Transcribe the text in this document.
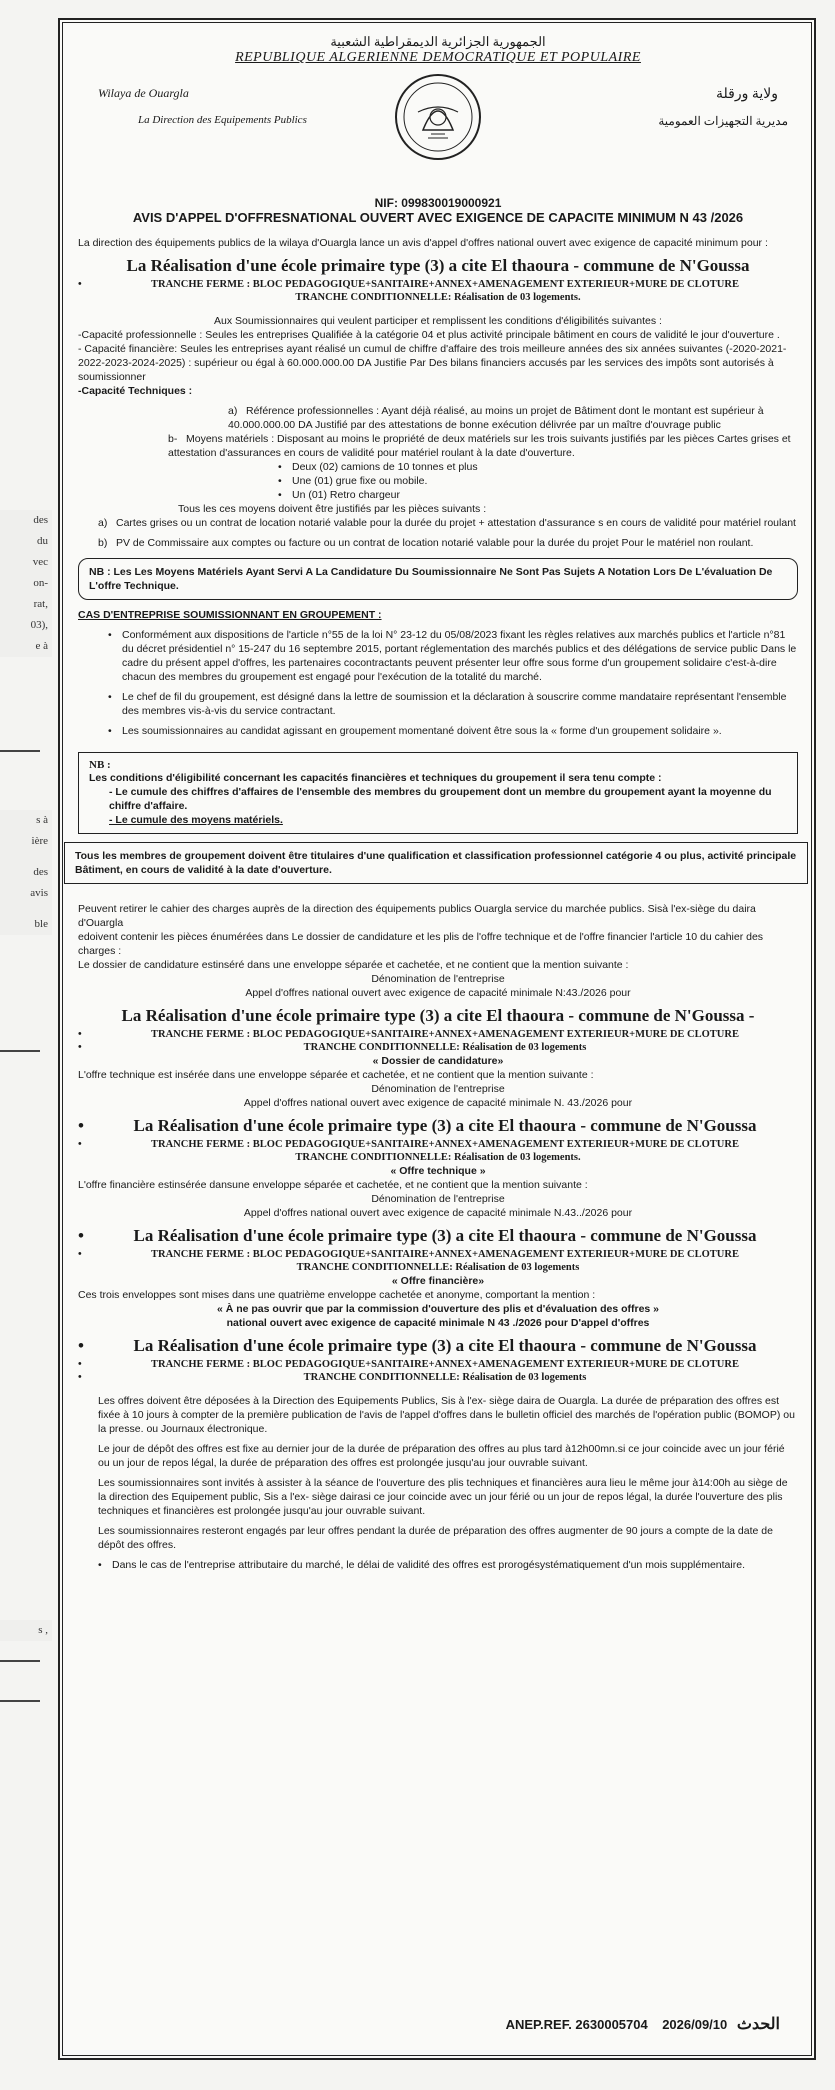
des
du
vec
on-
rat,
03),
e à
s à
ière
des
avis
ble
s ,
الجمهورية الجزائرية الديمقراطية الشعبية
REPUBLIQUE ALGERIENNE DEMOCRATIQUE ET POPULAIRE
Wilaya de Ouargla
La Direction des Equipements Publics
ولاية ورقلة
مديرية التجهيزات العمومية
NIF: 099830019000921
AVIS D'APPEL D'OFFRESNATIONAL OUVERT AVEC EXIGENCE DE CAPACITE MINIMUM N 43 /2026

La direction des équipements publics de la wilaya d'Ouargla lance un avis d'appel d'offres national ouvert avec exigence de capacité minimum pour :

La Réalisation d'une école primaire type (3) a cite El thaoura - commune de N'Goussa
• TRANCHE FERME : BLOC PEDAGOGIQUE+SANITAIRE+ANNEX+AMENAGEMENT EXTERIEUR+MURE DE CLOTURE
TRANCHE CONDITIONNELLE: Réalisation de 03 logements.

Aux Soumissionnaires qui veulent participer et remplissent les conditions d'éligibilités suivantes :

-Capacité professionnelle : Seules les entreprises Qualifiée à la catégorie 04 et plus activité principale bâtiment en cours de validité le jour d'ouverture .

- Capacité financière: Seules les entreprises ayant réalisé un cumul de chiffre d'affaire des trois meilleure années des six années suivantes (-2020-2021-2022-2023-2024-2025) : supérieur ou égal à 60.000.000.00 DA Justifie Par Des bilans financiers accusés par les services des impôts sont autorisés à soumissionner

-Capacité Techniques :

a) Référence professionnelles : Ayant déjà réalisé, au moins un projet de Bâtiment dont le montant est supérieur à 40.000.000.00 DA Justifié par des attestations de bonne exécution délivrée par un maître d'ouvrage public

b- Moyens matériels : Disposant au moins le propriété de deux matériels sur les trois suivants justifiés par les pièces Cartes grises et attestation d'assurances en cours de validité pour matériel roulant à la date d'ouverture.

• Deux (02) camions de 10 tonnes et plus
• Une (01) grue fixe ou mobile.
• Un (01) Retro chargeur

Tous les ces moyens doivent être justifiés par les pièces suivants :

a) Cartes grises ou un contrat de location notarié valable pour la durée du projet + attestation d'assurance s en cours de validité pour matériel roulant

b) PV de Commissaire aux comptes ou facture ou un contrat de location notarié valable pour la durée du projet Pour le matériel non roulant.

NB : Les Les Moyens Matériels Ayant Servi A La Candidature Du Soumissionnaire Ne Sont Pas Sujets A Notation Lors De L'évaluation De L'offre Technique.

CAS D'ENTREPRISE SOUMISSIONNANT EN GROUPEMENT :

• Conformément aux dispositions de l'article n°55 de la loi N° 23-12 du 05/08/2023 fixant les règles relatives aux marchés publics et l'article n°81 du décret présidentiel n° 15-247 du 16 septembre 2015, portant réglementation des marchés publics et des délégations de service public Dans le cadre du présent appel d'offres, les partenaires cocontractants peuvent présenter leur offre sous forme d'un groupement solidaire c'est-à-dire chacun des membres du groupement est engagé pour l'exécution de la totalité du marché.

• Le chef de fil du groupement, est désigné dans la lettre de soumission et la déclaration à souscrire comme mandataire représentant l'ensemble des membres vis-à-vis du service contractant.

• Les soumissionnaires au candidat agissant en groupement momentané doivent être sous la « forme d'un groupement solidaire ».

NB :
Les conditions d'éligibilité concernant les capacités financières et techniques du groupement il sera tenu compte :
- Le cumule des chiffres d'affaires de l'ensemble des membres du groupement dont un membre du groupement ayant la moyenne du chiffre d'affaire.
- Le cumule des moyens matériels.
Tous les membres de groupement doivent être titulaires d'une qualification et classification professionnel catégorie 4 ou plus, activité principale Bâtiment, en cours de validité à la date d'ouverture.

Peuvent retirer le cahier des charges auprès de la direction des équipements publics Ouargla service du marchée publics. Sisà l'ex-siège du daira d'Ouargla

edoivent contenir les pièces énumérées dans Le dossier de candidature et les plis de l'offre technique et de l'offre financier l'article 10 du cahier des charges :

Le dossier de candidature estinséré dans une enveloppe séparée et cachetée, et ne contient que la mention suivante :

Dénomination de l'entreprise
Appel d'offres national ouvert avec exigence de capacité minimale N:43./2026 pour
La Réalisation d'une école primaire type (3) a cite El thaoura - commune de N'Goussa -
• TRANCHE FERME : BLOC PEDAGOGIQUE+SANITAIRE+ANNEX+AMENAGEMENT EXTERIEUR+MURE DE CLOTURE
• TRANCHE CONDITIONNELLE: Réalisation de 03 logements
« Dossier de candidature»

L'offre technique est insérée dans une enveloppe séparée et cachetée, et ne contient que la mention suivante :

Dénomination de l'entreprise
Appel d'offres national ouvert avec exigence de capacité minimale N. 43./2026 pour
• La Réalisation d'une école primaire type (3) a cite El thaoura - commune de N'Goussa
• TRANCHE FERME : BLOC PEDAGOGIQUE+SANITAIRE+ANNEX+AMENAGEMENT EXTERIEUR+MURE DE CLOTURE
TRANCHE CONDITIONNELLE: Réalisation de 03 logements.
« Offre technique »

L'offre financière estinsérée dansune enveloppe séparée et cachetée, et ne contient que la mention suivante :

Dénomination de l'entreprise
Appel d'offres national ouvert avec exigence de capacité minimale N.43../2026 pour
• La Réalisation d'une école primaire type (3) a cite El thaoura - commune de N'Goussa
• TRANCHE FERME : BLOC PEDAGOGIQUE+SANITAIRE+ANNEX+AMENAGEMENT EXTERIEUR+MURE DE CLOTURE
TRANCHE CONDITIONNELLE: Réalisation de 03 logements
« Offre financière»

Ces trois enveloppes sont mises dans une quatrième enveloppe cachetée et anonyme, comportant la mention :

« À ne pas ouvrir que par la commission d'ouverture des plis et d'évaluation des offres »
national ouvert avec exigence de capacité minimale N 43 ./2026 pour D'appel d'offres
• La Réalisation d'une école primaire type (3) a cite El thaoura - commune de N'Goussa
• TRANCHE FERME : BLOC PEDAGOGIQUE+SANITAIRE+ANNEX+AMENAGEMENT EXTERIEUR+MURE DE CLOTURE
• TRANCHE CONDITIONNELLE: Réalisation de 03 logements

Les offres doivent être déposées à la Direction des Equipements Publics, Sis à l'ex- siège daira de Ouargla. La durée de préparation des offres est fixée à 10 jours à compter de la première publication de l'avis de l'appel d'offres dans le bulletin officiel des marchés de l'opération public (BOMOP) ou la presse. ou Journaux électronique.

Le jour de dépôt des offres est fixe au dernier jour de la durée de préparation des offres au plus tard à12h00mn.si ce jour coincide avec un jour férié ou un jour de repos légal, la durée de préparation des offres est prolongée jusqu'au jour ouvrable suivant.

Les soumissionnaires sont invités à assister à la séance de l'ouverture des plis techniques et financières aura lieu le même jour à14:00h au siège de la direction des Equipement public, Sis a l'ex- siège dairasi ce jour coincide avec un jour férié ou un jour de repos légal, la durée l'ouverture des plis techniques et financières est prolongée jusqu'au jour ouvrable suivant.

Les soumissionnaires resteront engagés par leur offres pendant la durée de préparation des offres augmenter de 90 jours a compte de la date de dépôt des offres.

• Dans le cas de l'entreprise attributaire du marché, le délai de validité des offres est prorogésystématiquement d'un mois supplémentaire.

ANEP.REF. 2630005704 2026/09/10 الحدث
